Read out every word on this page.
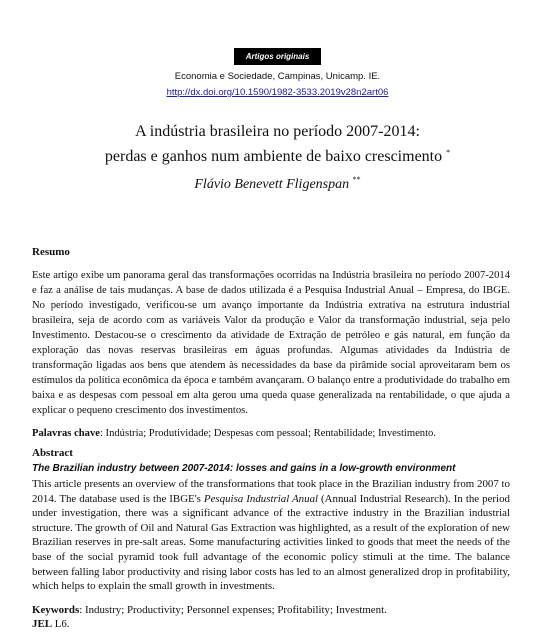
Artigos originais
Economia e Sociedade, Campinas, Unicamp. IE.
http://dx.doi.org/10.1590/1982-3533.2019v28n2art06
A indústria brasileira no período 2007-2014:
perdas e ganhos num ambiente de baixo crescimento *
Flávio Benevett Fligenspan **
Resumo
Este artigo exibe um panorama geral das transformações ocorridas na Indústria brasileira no período 2007-2014 e faz a análise de tais mudanças. A base de dados utilizada é a Pesquisa Industrial Anual – Empresa, do IBGE. No período investigado, verificou-se um avanço importante da Indústria extrativa na estrutura industrial brasileira, seja de acordo com as variáveis Valor da produção e Valor da transformação industrial, seja pelo Investimento. Destacou-se o crescimento da atividade de Extração de petróleo e gás natural, em função da exploração das novas reservas brasileiras em águas profundas. Algumas atividades da Indústria de transformação ligadas aos bens que atendem às necessidades da base da pirâmide social aproveitaram bem os estímulos da política econômica da época e também avançaram. O balanço entre a produtividade do trabalho em baixa e as despesas com pessoal em alta gerou uma queda quase generalizada na rentabilidade, o que ajuda a explicar o pequeno crescimento dos investimentos.
Palavras chave: Indústria; Produtividade; Despesas com pessoal; Rentabilidade; Investimento.
Abstract
The Brazilian industry between 2007-2014: losses and gains in a low-growth environment
This article presents an overview of the transformations that took place in the Brazilian industry from 2007 to 2014. The database used is the IBGE's Pesquisa Industrial Anual (Annual Industrial Research). In the period under investigation, there was a significant advance of the extractive industry in the Brazilian industrial structure. The growth of Oil and Natural Gas Extraction was highlighted, as a result of the exploration of new Brazilian reserves in pre-salt areas. Some manufacturing activities linked to goods that meet the needs of the base of the social pyramid took full advantage of the economic policy stimuli at the time. The balance between falling labor productivity and rising labor costs has led to an almost generalized drop in profitability, which helps to explain the small growth in investments.
Keywords: Industry; Productivity; Personnel expenses; Profitability; Investment.
JEL L6.
